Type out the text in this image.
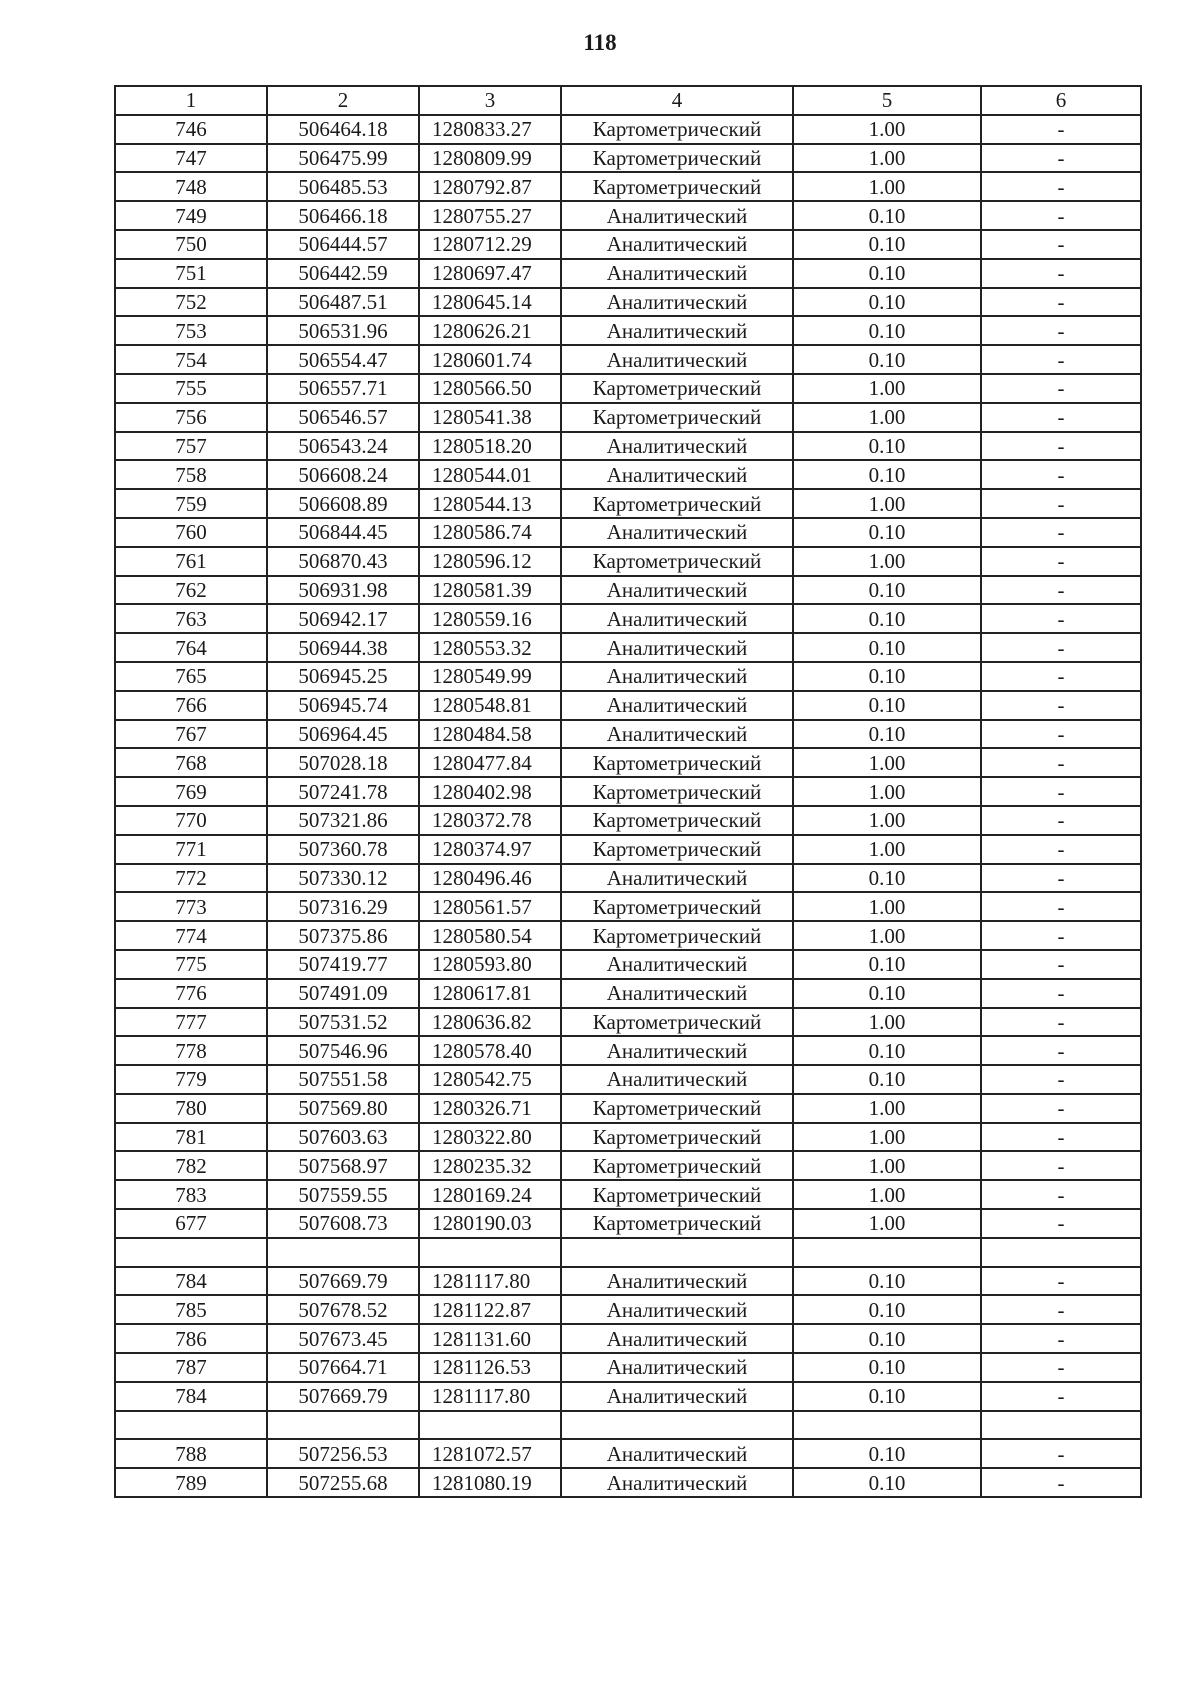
118
1	2	3	4	5	6
746	506464.18	1280833.27	Картометрический	1.00	-
747	506475.99	1280809.99	Картометрический	1.00	-
748	506485.53	1280792.87	Картометрический	1.00	-
749	506466.18	1280755.27	Аналитический	0.10	-
750	506444.57	1280712.29	Аналитический	0.10	-
751	506442.59	1280697.47	Аналитический	0.10	-
752	506487.51	1280645.14	Аналитический	0.10	-
753	506531.96	1280626.21	Аналитический	0.10	-
754	506554.47	1280601.74	Аналитический	0.10	-
755	506557.71	1280566.50	Картометрический	1.00	-
756	506546.57	1280541.38	Картометрический	1.00	-
757	506543.24	1280518.20	Аналитический	0.10	-
758	506608.24	1280544.01	Аналитический	0.10	-
759	506608.89	1280544.13	Картометрический	1.00	-
760	506844.45	1280586.74	Аналитический	0.10	-
761	506870.43	1280596.12	Картометрический	1.00	-
762	506931.98	1280581.39	Аналитический	0.10	-
763	506942.17	1280559.16	Аналитический	0.10	-
764	506944.38	1280553.32	Аналитический	0.10	-
765	506945.25	1280549.99	Аналитический	0.10	-
766	506945.74	1280548.81	Аналитический	0.10	-
767	506964.45	1280484.58	Аналитический	0.10	-
768	507028.18	1280477.84	Картометрический	1.00	-
769	507241.78	1280402.98	Картометрический	1.00	-
770	507321.86	1280372.78	Картометрический	1.00	-
771	507360.78	1280374.97	Картометрический	1.00	-
772	507330.12	1280496.46	Аналитический	0.10	-
773	507316.29	1280561.57	Картометрический	1.00	-
774	507375.86	1280580.54	Картометрический	1.00	-
775	507419.77	1280593.80	Аналитический	0.10	-
776	507491.09	1280617.81	Аналитический	0.10	-
777	507531.52	1280636.82	Картометрический	1.00	-
778	507546.96	1280578.40	Аналитический	0.10	-
779	507551.58	1280542.75	Аналитический	0.10	-
780	507569.80	1280326.71	Картометрический	1.00	-
781	507603.63	1280322.80	Картометрический	1.00	-
782	507568.97	1280235.32	Картометрический	1.00	-
783	507559.55	1280169.24	Картометрический	1.00	-
677	507608.73	1280190.03	Картометрический	1.00	-

784	507669.79	1281117.80	Аналитический	0.10	-
785	507678.52	1281122.87	Аналитический	0.10	-
786	507673.45	1281131.60	Аналитический	0.10	-
787	507664.71	1281126.53	Аналитический	0.10	-
784	507669.79	1281117.80	Аналитический	0.10	-

788	507256.53	1281072.57	Аналитический	0.10	-
789	507255.68	1281080.19	Аналитический	0.10	-
